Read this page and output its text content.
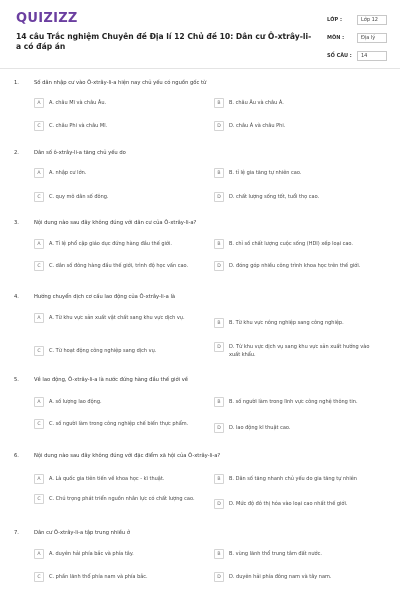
QUIZIZZ
14 câu Trắc nghiệm Chuyên đề Địa lí 12 Chủ đề 10: Dân cư Ô-xtrây-li-a có đáp án
LỚP :	Lớp 12
MÔN :	Địa lý
SỐ CÂU :	14
1.	Số dân nhập cư vào Ô-xtrây-li-a hiện nay chủ yếu có nguồn gốc từ
A	A. châu Mĩ và châu Âu.	B	B. châu Âu và châu Á.
C	C. châu Phi và châu Mĩ.	D	D. châu Á và châu Phi.
2.	Dân số ô-xtrây-li-a tăng chủ yếu do
A	A. nhập cư lớn.	B	B. tỉ lệ gia tăng tự nhiên cao.
C	C. quy mô dân số đông.	D	D. chất lượng sống tốt, tuổi thọ cao.
3.	Nội dung nào sau đây không đúng với dân cư của Ô-xtrây-li-a?
A	A. Tỉ lệ phổ cập giáo dục đứng hàng đầu thế giới.	B	B. chỉ số chất lượng cuộc sống (HDI) xếp loại cao.
C	C. dân số đông hàng đầu thế giới, trình độ học vấn cao.	D	D. đóng góp nhiều công trình khoa học trên thế giới.
4.	Hướng chuyển dịch cơ cấu lao động của Ô-xtrây-li-a là
A	A. Từ khu vực sản xuất vật chất sang khu vực dịch vụ.
B	B. Từ khu vực nông nghiệp sang công nghiệp.
C	C. Từ hoạt động công nghiệp sang dịch vụ.
D	D. Từ khu vực dịch vụ sang khu vực sản xuất hướng vào xuất khẩu.
5.	Về lao động, Ô-xtrây-li-a là nước đứng hàng đầu thế giới về
A	A. số lượng lao động.	B	B. số người làm trong lĩnh vực công nghệ thông tin.
C	C. số người làm trong công nghiệp chế biến thực phẩm.
D	D. lao động kĩ thuật cao.
6.	Nội dung nào sau đây không đúng với đặc điểm xã hội của Ô-xtrây-li-a?
A	A. Là quốc gia tiên tiến về khoa học - kĩ thuật.	B	B. Dân số tăng nhanh chủ yếu do gia tăng tự nhiên
C	C. Chú trọng phát triển nguồn nhân lực có chất lượng cao.
D	D. Mức độ đô thị hóa vào loại cao nhất thế giới.
7.	Dân cư Ô-xtrây-li-a tập trung nhiều ở
A	A. duyên hải phía bắc và phía tây.	B	B. vùng lãnh thổ trung tâm đất nước.
C	C. phần lãnh thổ phía nam và phía bắc.	D	D. duyên hải phía đông nam và tây nam.
